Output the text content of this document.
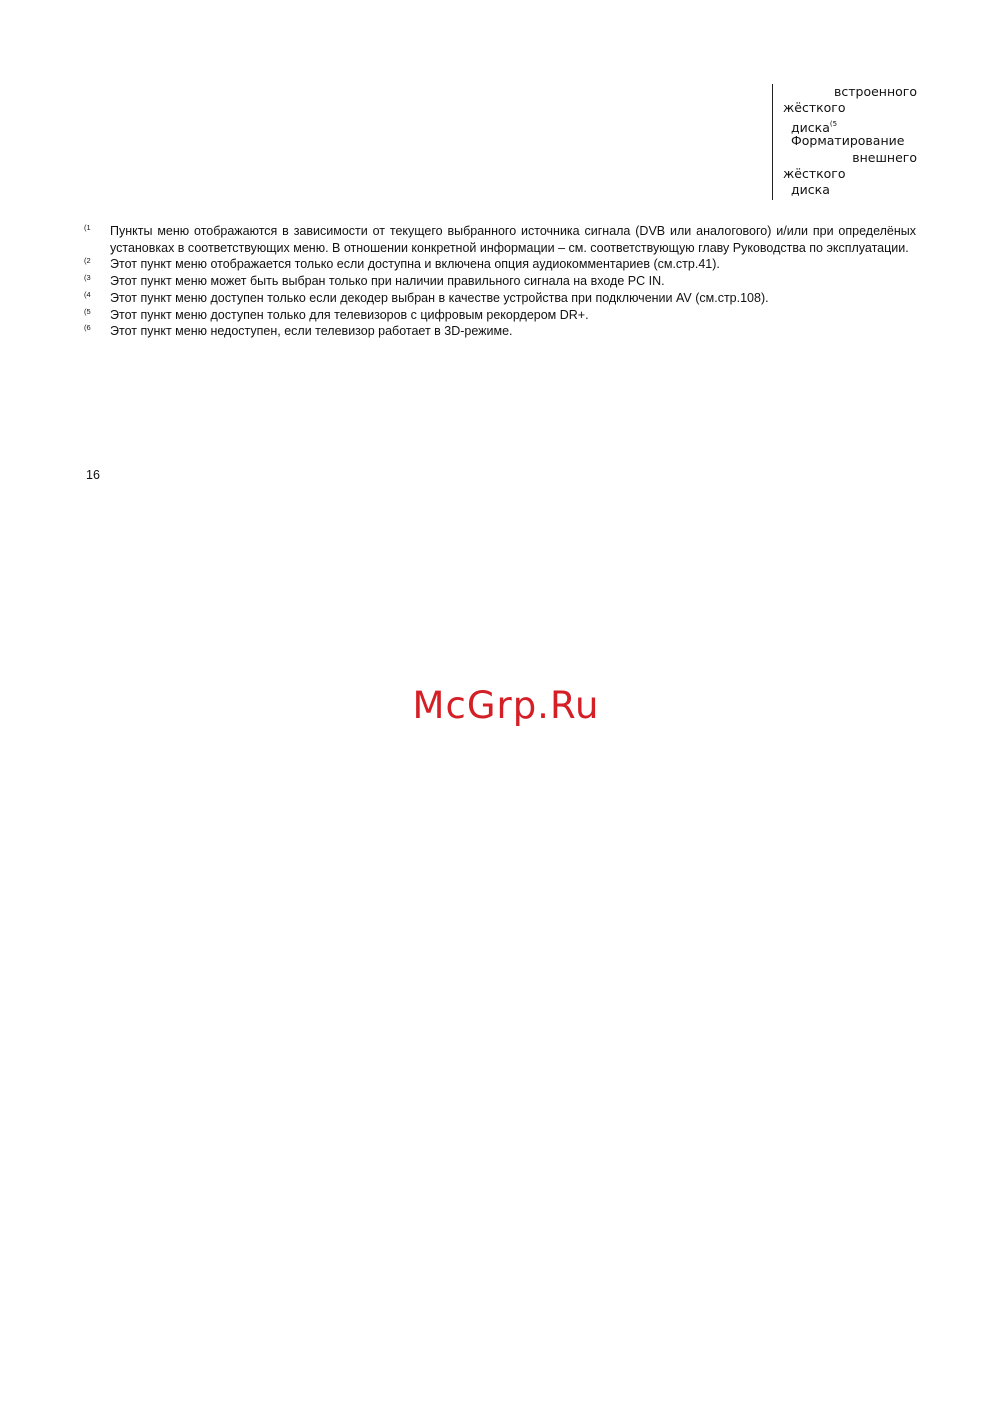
встроенного
жёсткого
диска$^{(5}$
Форматирование
внешнего
жёсткого
диска
(1 Пункты меню отображаются в зависимости от текущего выбранного источника сигнала (DVB или аналогового) и/или при определёных установках в соответствующих меню. В отношении конкретной информации – см. соответствующую главу Руководства по эксплуатации.
(2 Этот пункт меню отображается только если доступна и включена опция аудиокомментариев (см.стр.41).
(3 Этот пункт меню может быть выбран только при наличии правильного сигнала на входе PC IN.
(4 Этот пункт меню доступен только если декодер выбран в качестве устройства при подключении AV (см.стр.108).
(5 Этот пункт меню доступен только для телевизоров с цифровым рекордером DR+.
(6 Этот пункт меню недоступен, если телевизор работает в 3D-режиме.
16
McGrp.Ru
